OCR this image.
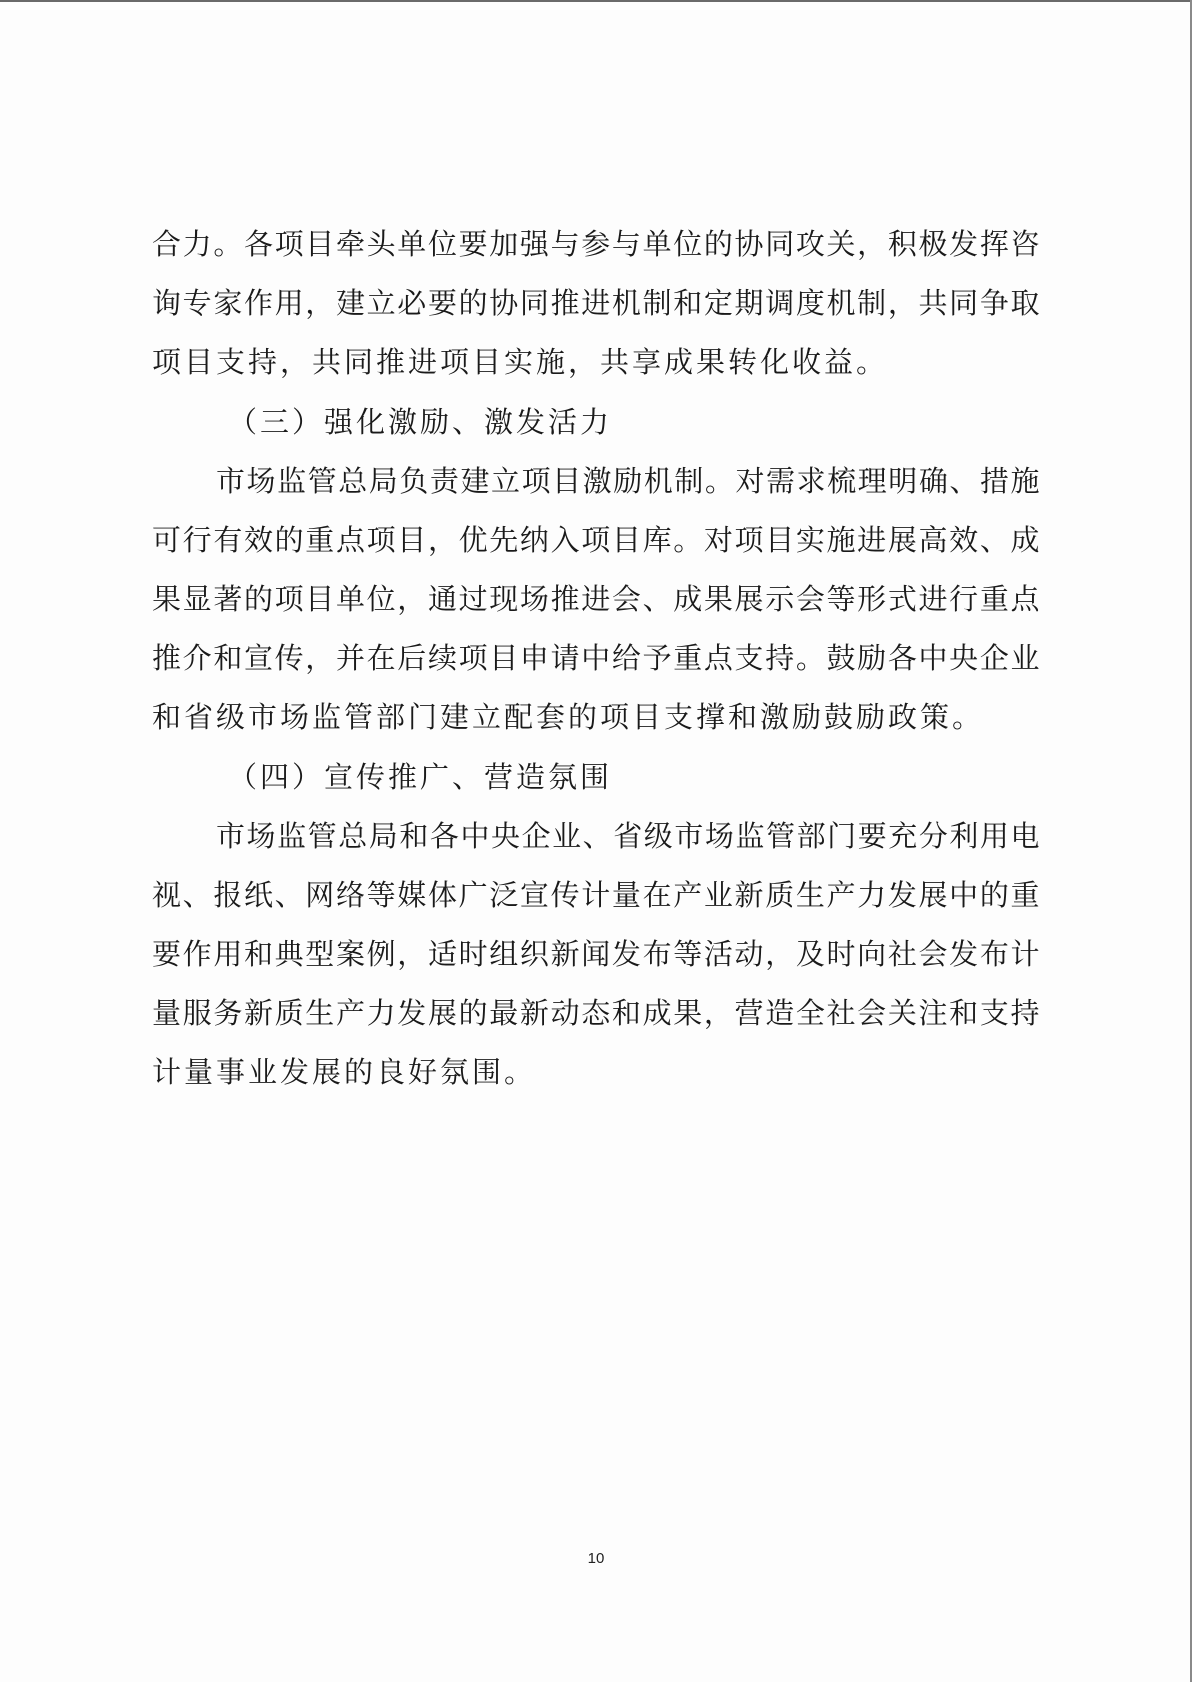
合力。各项目牵头单位要加强与参与单位的协同攻关，积极发挥咨
询专家作用，建立必要的协同推进机制和定期调度机制，共同争取
项目支持，共同推进项目实施，共享成果转化收益。
（三）强化激励、激发活力
市场监管总局负责建立项目激励机制。对需求梳理明确、措施
可行有效的重点项目，优先纳入项目库。对项目实施进展高效、成
果显著的项目单位，通过现场推进会、成果展示会等形式进行重点
推介和宣传，并在后续项目申请中给予重点支持。鼓励各中央企业
和省级市场监管部门建立配套的项目支撑和激励鼓励政策。
（四）宣传推广、营造氛围
市场监管总局和各中央企业、省级市场监管部门要充分利用电
视、报纸、网络等媒体广泛宣传计量在产业新质生产力发展中的重
要作用和典型案例，适时组织新闻发布等活动，及时向社会发布计
量服务新质生产力发展的最新动态和成果，营造全社会关注和支持
计量事业发展的良好氛围。
10
